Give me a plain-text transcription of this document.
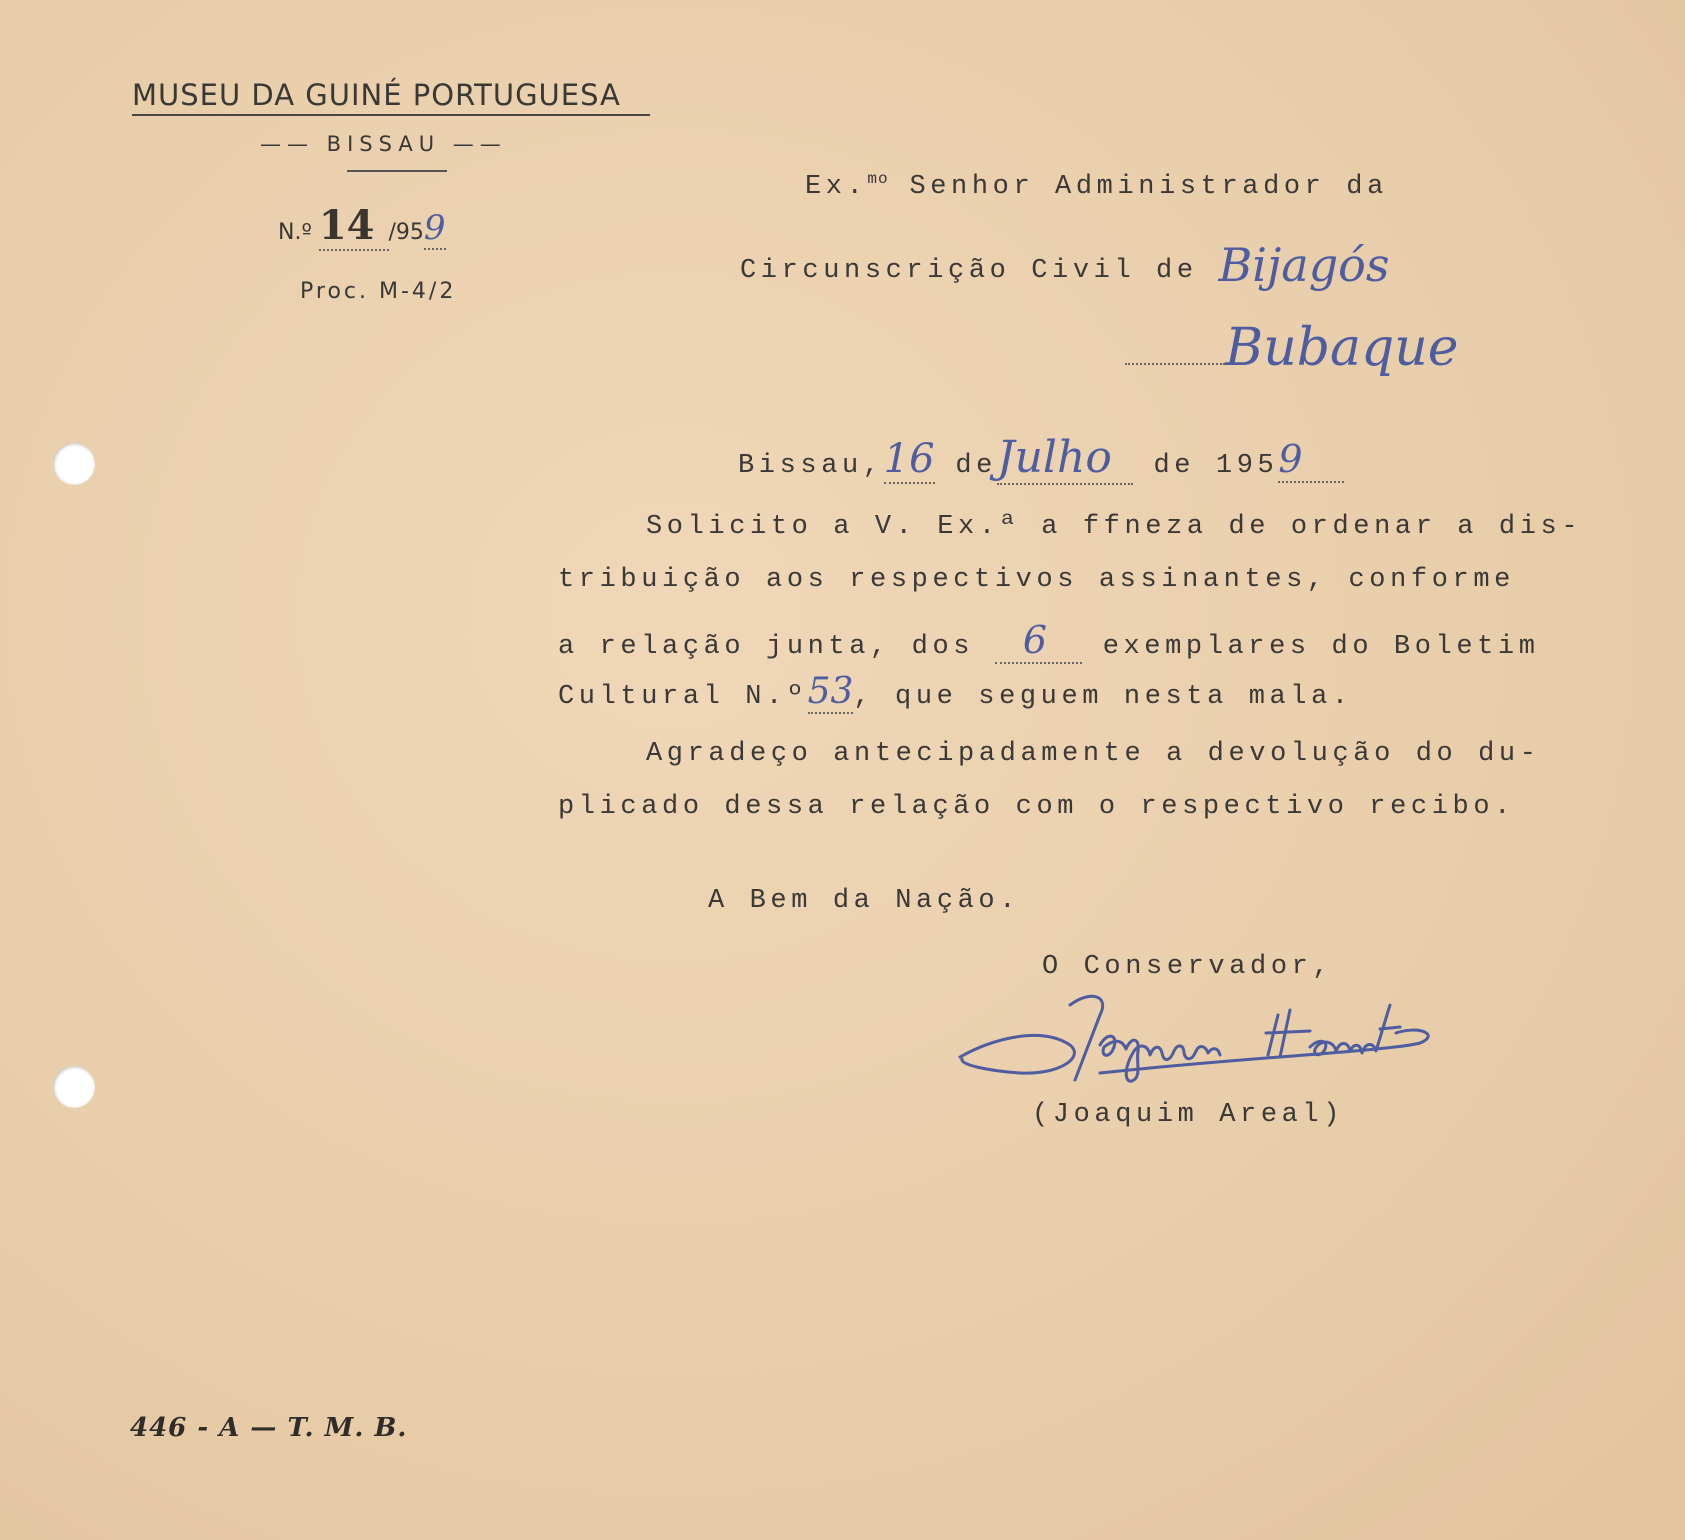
MUSEU DA GUINÉ PORTUGUESA
—— BISSAU ——
N.º 14 /959
Proc. M-4/2
Ex.$^{mo}$ Senhor Administrador da
Circunscrição Civil de Bijagós
Bubaque
Bissau,16 deJulho de 1959
Solicito a V. Ex.ª a ffneza de ordenar a dis-
tribuição aos respectivos assinantes, conforme
a relação junta, dos 6 exemplares do Boletim
Cultural N.º53, que seguem nesta mala.
Agradeço antecipadamente a devolução do du-
plicado dessa relação com o respectivo recibo.
A Bem da Nação.
O Conservador,
(Joaquim Areal)
446 - A — T. M. B.
